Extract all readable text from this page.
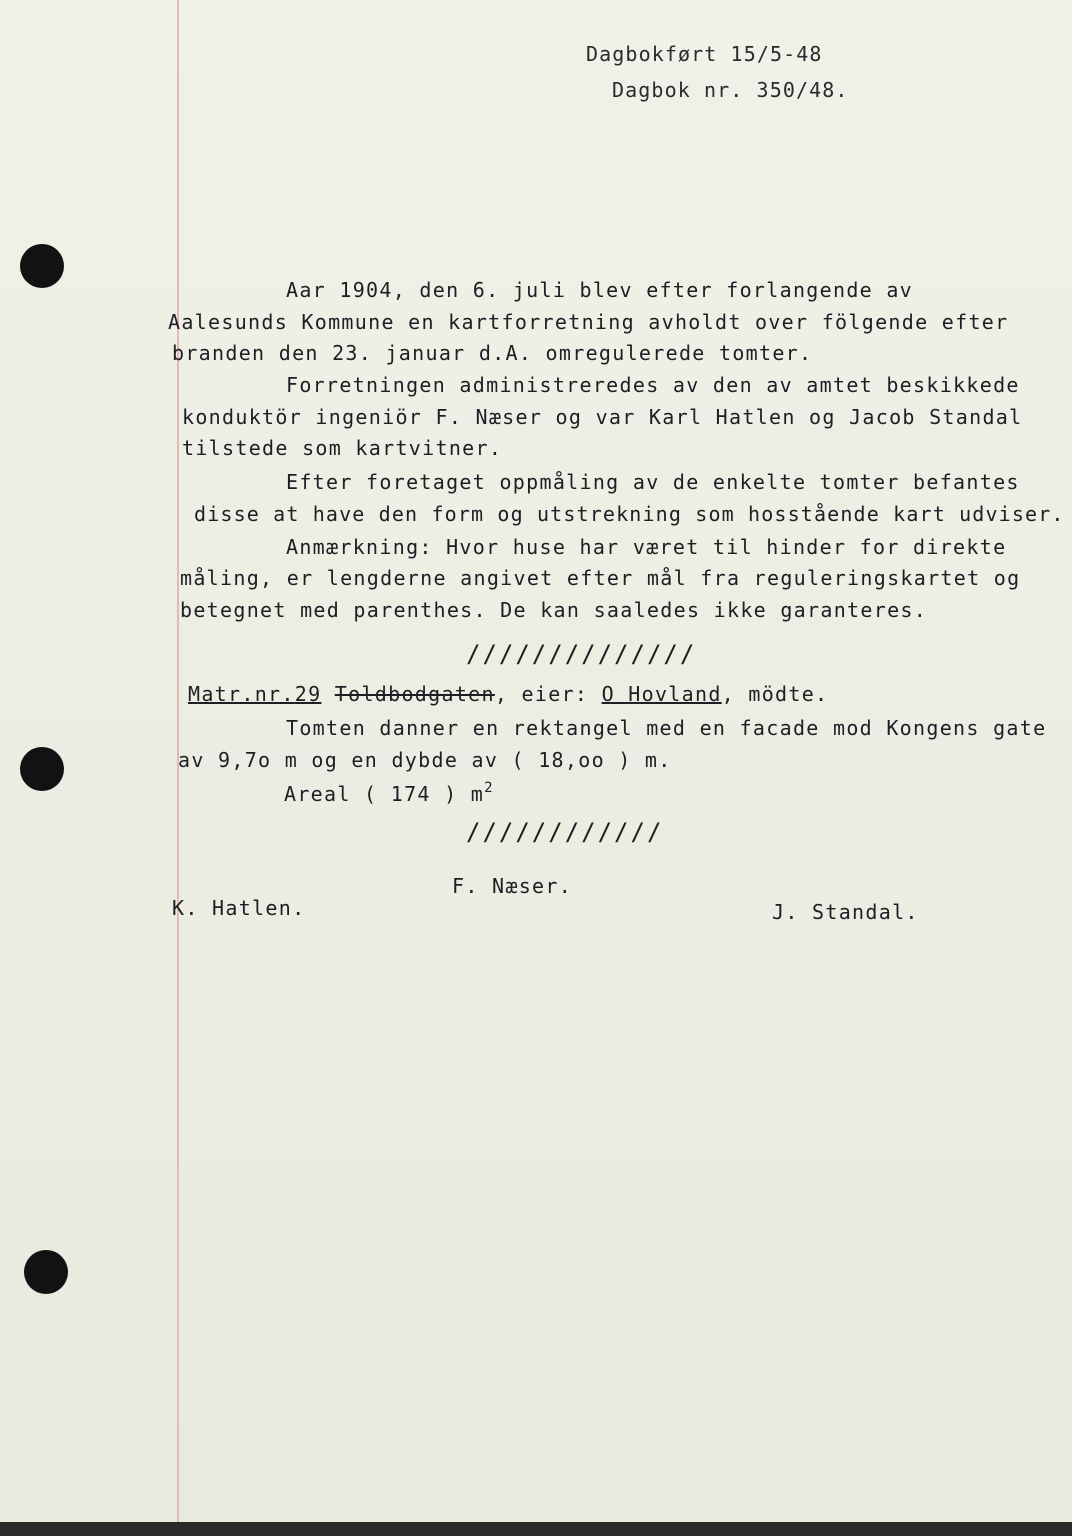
Dagbokført 15/5-48
Dagbok nr. 350/48.
Aar 1904, den 6. juli blev efter forlangende av
Aalesunds Kommune en kartforretning avholdt over fölgende efter
branden den 23. januar d.A. omregulerede tomter.
Forretningen administreredes av den av amtet beskikkede
konduktör ingeniör F. Næser og var Karl Hatlen og Jacob Standal
tilstede som kartvitner.
Efter foretaget oppmåling av de enkelte tomter befantes
disse at have den form og utstrekning som hosstående kart udviser.
Anmærkning: Hvor huse har været til hinder for direkte
måling, er lengderne angivet efter mål fra reguleringskartet og
betegnet med parenthes. De kan saaledes ikke garanteres.
//////////////
Matr.nr.29 Toldbodgaten, eier: O Hovland, mödte.
Tomten danner en rektangel med en facade mod Kongens gate
av 9,7o m og en dybde av ( 18,oo ) m.
Areal ( 174 ) $m^2$
////////////
F. Næser.
K. Hatlen.	J. Standal.
